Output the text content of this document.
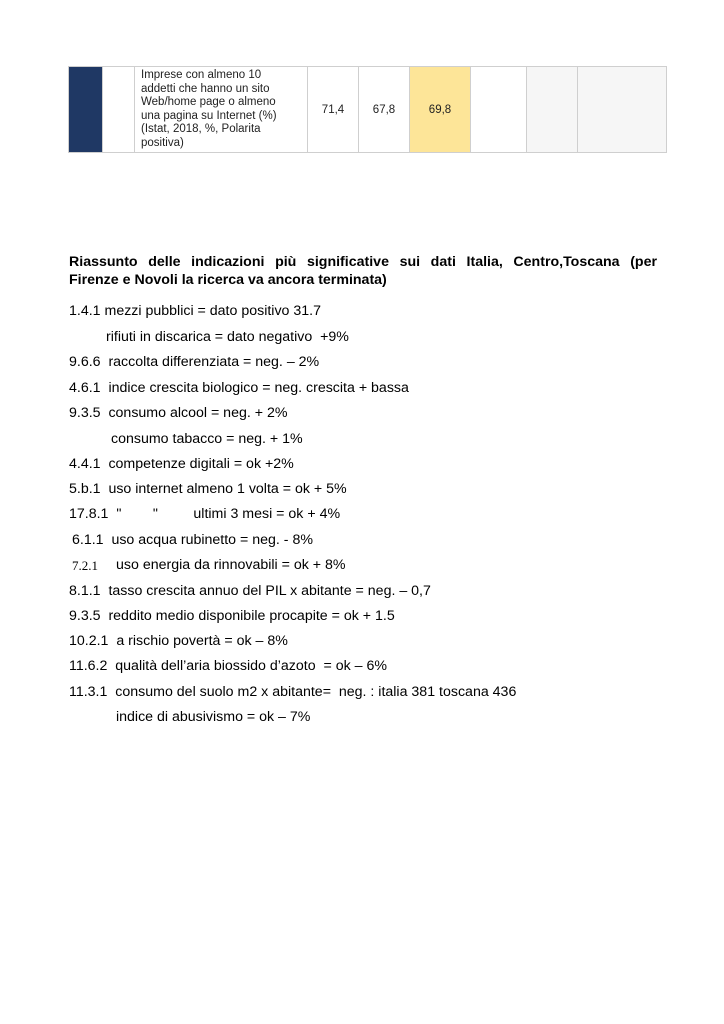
Imprese con almeno 10
addetti che hanno un sito
Web/home page o almeno
una pagina su Internet (%)
(Istat, 2018, %, Polarita
positiva)
	71,4	67,8	69,8			
Riassunto delle indicazioni più significative sui dati Italia, Centro,Toscana (per
Firenze e Novoli la ricerca va ancora terminata)
1.4.1 mezzi pubblici = dato positivo 31.7
rifiuti in discarica = dato negativo  +9%
9.6.6  raccolta differenziata = neg. – 2%
4.6.1  indice crescita biologico = neg. crescita + bassa
9.3.5  consumo alcool = neg. + 2%
consumo tabacco = neg. + 1%
4.4.1  competenze digitali = ok +2%
5.b.1  uso internet almeno 1 volta = ok + 5%
17.8.1  "        "         ultimi 3 mesi = ok + 4%
6.1.1  uso acqua rubinetto = neg. - 8%
7.2.1 uso energia da rinnovabili = ok + 8%
8.1.1  tasso crescita annuo del PIL x abitante = neg. – 0,7
9.3.5  reddito medio disponibile procapite = ok + 1.5
10.2.1  a rischio povertà = ok – 8%
11.6.2  qualità dell’aria biossido d’azoto  = ok – 6%
11.3.1  consumo del suolo m2 x abitante=  neg. : italia 381 toscana 436
indice di abusivismo = ok – 7%
